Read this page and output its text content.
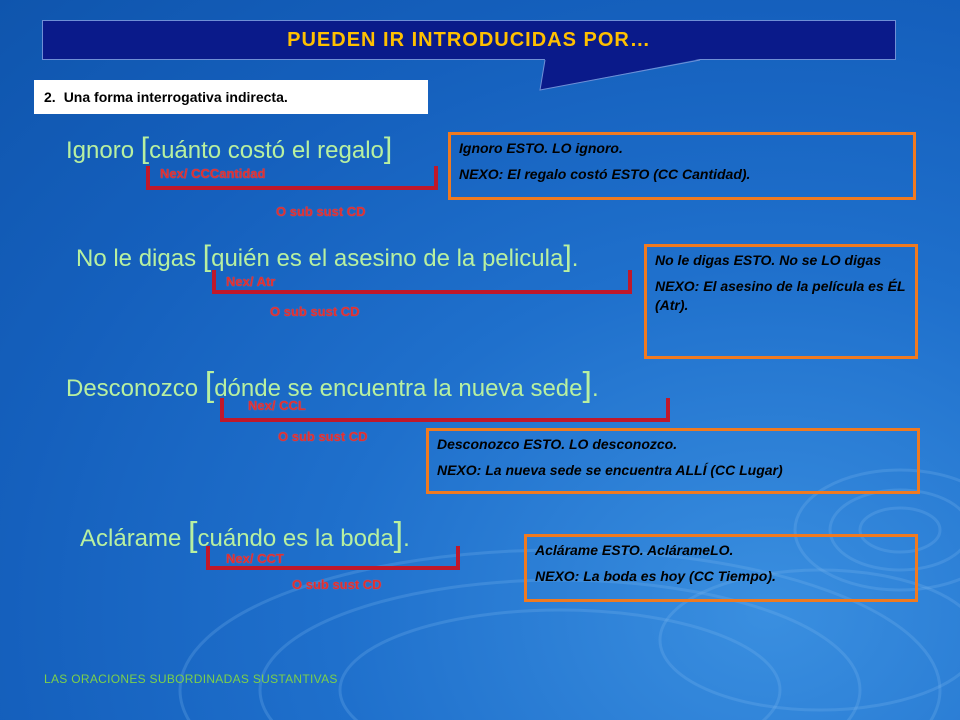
PUEDEN IR INTRODUCIDAS POR…
2. Una forma interrogativa indirecta.
Ignoro [cuánto costó el regalo]
Nex/ CCCantidad
O sub sust CD

Ignoro ESTO. LO ignoro.

NEXO: El regalo costó ESTO (CC Cantidad).

No le digas [quién es el asesino de la pelicula].
Nex/ Atr
O sub sust CD

No le digas ESTO. No se LO digas

NEXO: El asesino de la película es ÉL (Atr).

Desconozco [dónde se encuentra la nueva sede].
Nex/ CCL
O sub sust CD	Desconozco ESTO. LO desconozco.

NEXO: La nueva sede se encuentra ALLÍ (CC Lugar)

Aclárame [cuándo es la boda].
Nex/ CCT
O sub sust CD

Aclárame ESTO. AclárameLO.

NEXO: La boda es hoy (CC Tiempo).

LAS ORACIONES SUBORDINADAS SUSTANTIVAS
